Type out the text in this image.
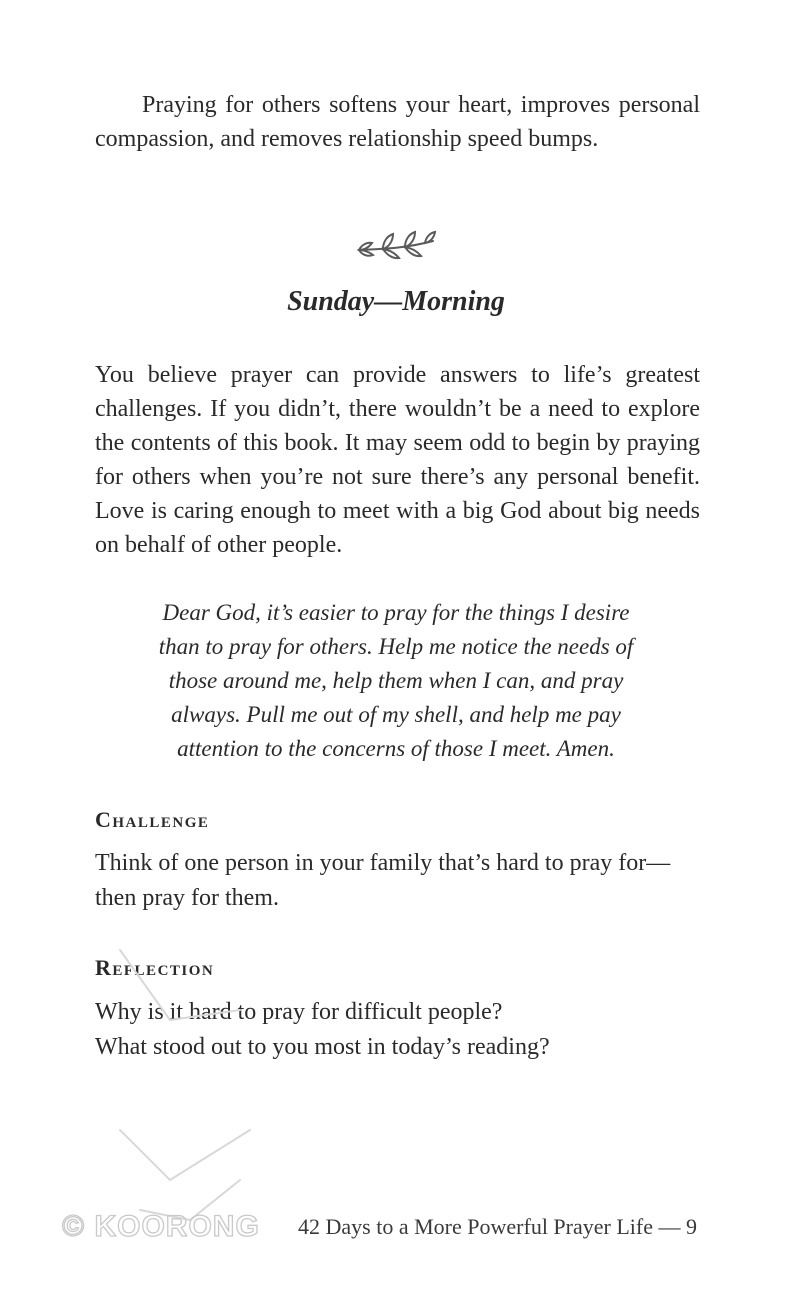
Praying for others softens your heart, improves personal compassion, and removes relationship speed bumps.

Sunday—Morning

You believe prayer can provide answers to life’s greatest challenges. If you didn’t, there wouldn’t be a need to explore the contents of this book. It may seem odd to begin by praying for others when you’re not sure there’s any personal benefit. Love is caring enough to meet with a big God about big needs on behalf of other people.

Dear God, it’s easier to pray for the things I desire
than to pray for others. Help me notice the needs of
those around me, help them when I can, and pray
always. Pull me out of my shell, and help me pay
attention to the concerns of those I meet. Amen.
Challenge

Think of one person in your family that’s hard to pray for—then pray for them.

Reflection
Why is it hard to pray for difficult people?
What stood out to you most in today’s reading?
© KOORONG 42 Days to a More Powerful Prayer Life — 9
